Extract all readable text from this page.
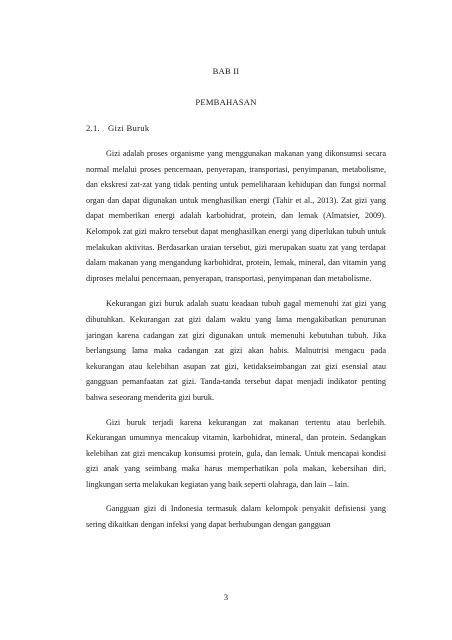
BAB II
PEMBAHASAN
2.1. Gizi Buruk

Gizi adalah proses organisme yang menggunakan makanan yang dikonsumsi secara normal melalui proses pencernaan, penyerapan, transportasi, penyimpanan, metabolisme, dan ekskresi zat-zat yang tidak penting untuk pemeliharaan kehidupan dan fungsi normal organ dan dapat digunakan untuk menghasilkan energi (Tahir et al., 2013). Zat gizi yang dapat memberikan energi adalah karbohidrat, protein, dan lemak (Almatsier, 2009). Kelompok zat gizi makro tersebut dapat menghasilkan energi yang diperlukan tubuh untuk melakukan aktivitas. Berdasarkan uraian tersebut, gizi merupakan suatu zat yang terdapat dalam makanan yang mengandung karbohidrat, protein, lemak, mineral, dan vitamin yang diproses melalui pencernaan, penyerapan, transportasi, penyimpanan dan metabolisme.

Kekurangan gizi buruk adalah suatu keadaan tubuh gagal memenuhi zat gizi yang dibutuhkan. Kekurangan zat gizi dalam waktu yang lama mengakibatkan penurunan jaringan karena cadangan zat gizi digunakan untuk memenuhi kebutuhan tubuh. Jika berlangsung lama maka cadangan zat gizi akan habis. Malnutrisi mengacu pada kekurangan atau kelebihan asupan zat gizi, ketidakseimbangan zat gizi esensial atau gangguan pemanfaatan zat gizi. Tanda-tanda tersebut dapat menjadi indikator penting bahwa seseorang menderita gizi buruk.

Gizi buruk terjadi karena kekurangan zat makanan tertentu atau berlebih. Kekurangan umumnya mencakup vitamin, karbohidrat, mineral, dan protein. Sedangkan kelebihan zat gizi mencakup konsumsi protein, gula, dan lemak. Untuk mencapai kondisi gizi anak yang seimbang maka harus memperhatikan pola makan, kebersihan diri, lingkungan serta melakukan kegiatan yang baik seperti olahraga, dan lain – lain.

Gangguan gizi di Indonesia termasuk dalam kelompok penyakit defisiensi yang sering dikaitkan dengan infeksi yang dapat berhubungan dengan gangguan

3
